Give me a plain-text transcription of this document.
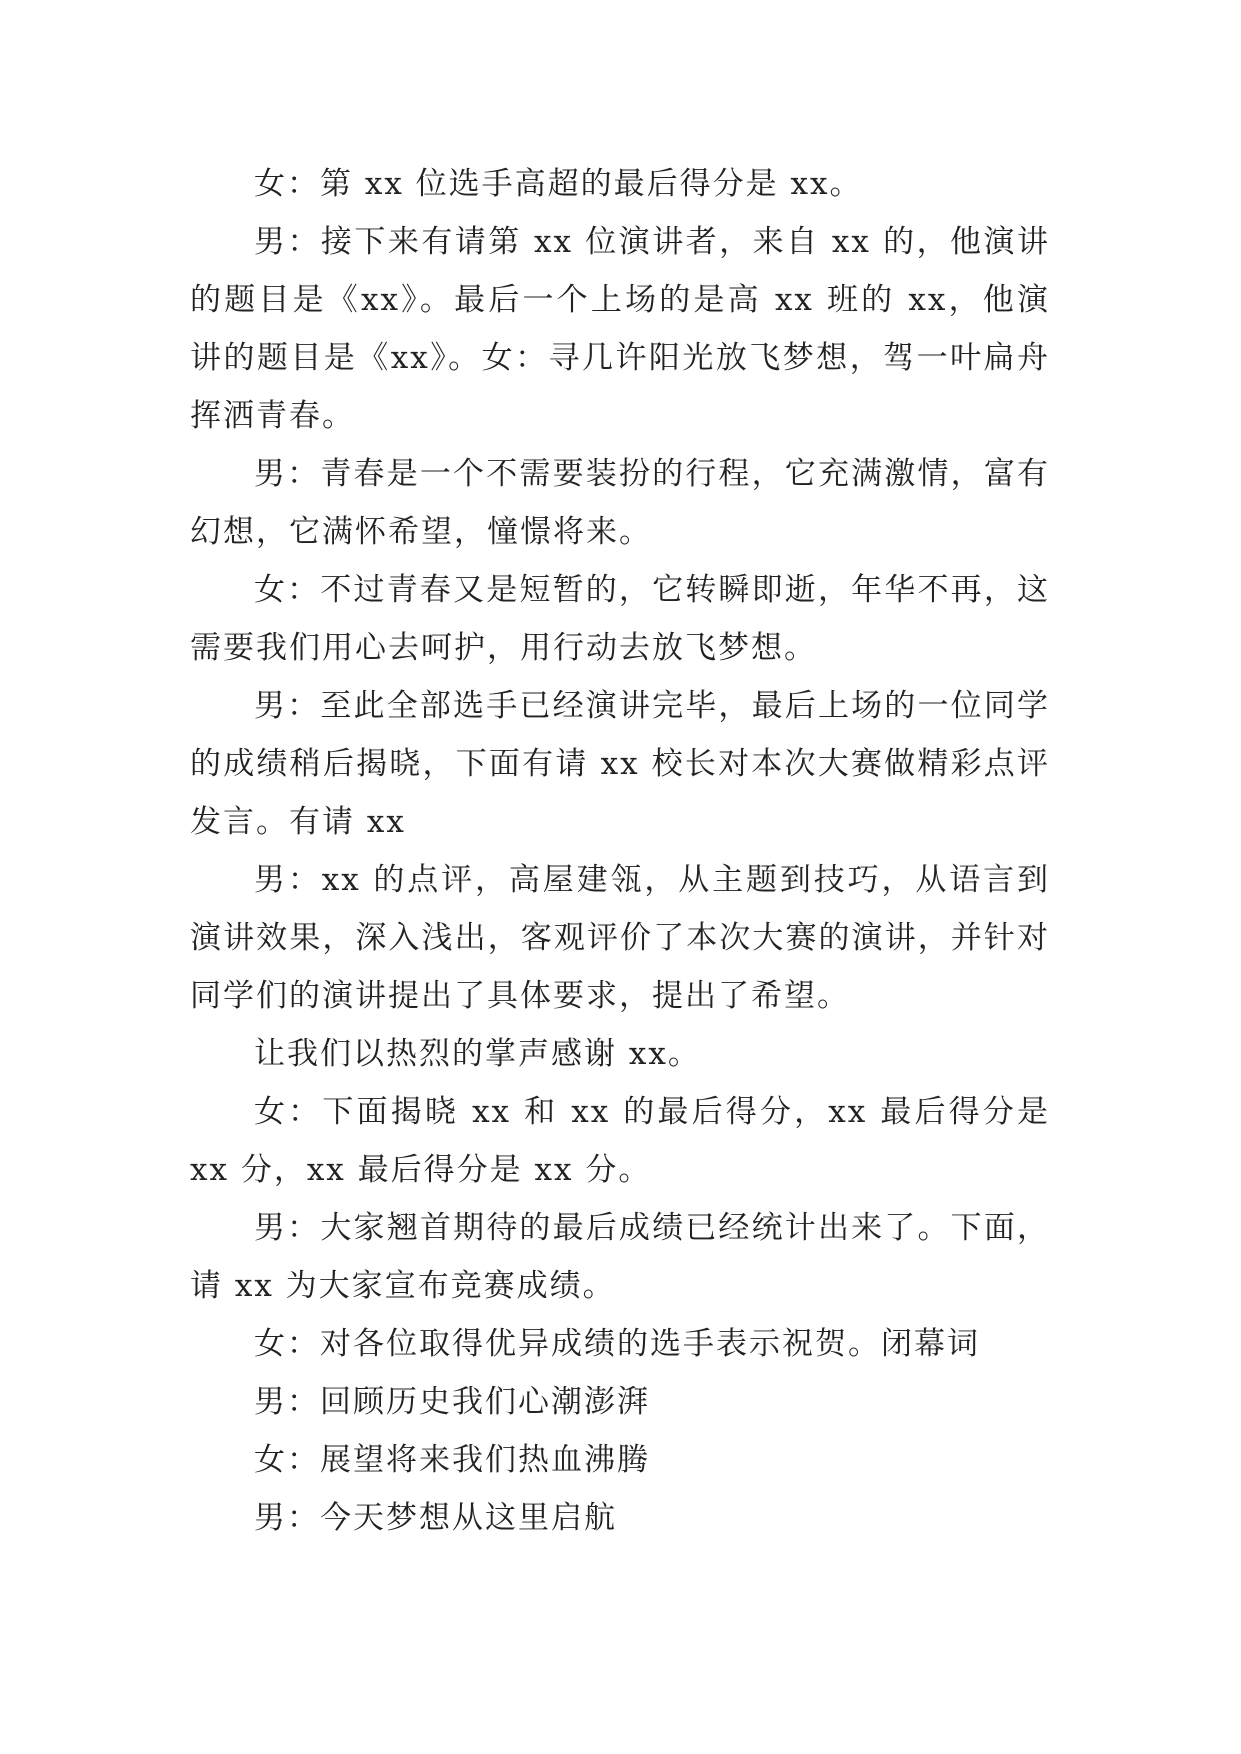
女：第 xx 位选手高超的最后得分是 xx。

男：接下来有请第 xx 位演讲者，来自 xx 的，他演讲的题目是《xx》。最后一个上场的是高 xx 班的 xx，他演讲的题目是《xx》。女：寻几许阳光放飞梦想，驾一叶扁舟挥洒青春。

男：青春是一个不需要装扮的行程，它充满激情，富有幻想，它满怀希望，憧憬将来。

女：不过青春又是短暂的，它转瞬即逝，年华不再，这需要我们用心去呵护，用行动去放飞梦想。

男：至此全部选手已经演讲完毕，最后上场的一位同学的成绩稍后揭晓，下面有请 xx 校长对本次大赛做精彩点评发言。有请 xx

男：xx 的点评，高屋建瓴，从主题到技巧，从语言到演讲效果，深入浅出，客观评价了本次大赛的演讲，并针对同学们的演讲提出了具体要求，提出了希望。

让我们以热烈的掌声感谢 xx。

女：下面揭晓 xx 和 xx 的最后得分，xx 最后得分是 xx 分，xx 最后得分是 xx 分。

男：大家翘首期待的最后成绩已经统计出来了。下面，请 xx 为大家宣布竞赛成绩。

女：对各位取得优异成绩的选手表示祝贺。闭幕词

男：回顾历史我们心潮澎湃

女：展望将来我们热血沸腾

男：今天梦想从这里启航
